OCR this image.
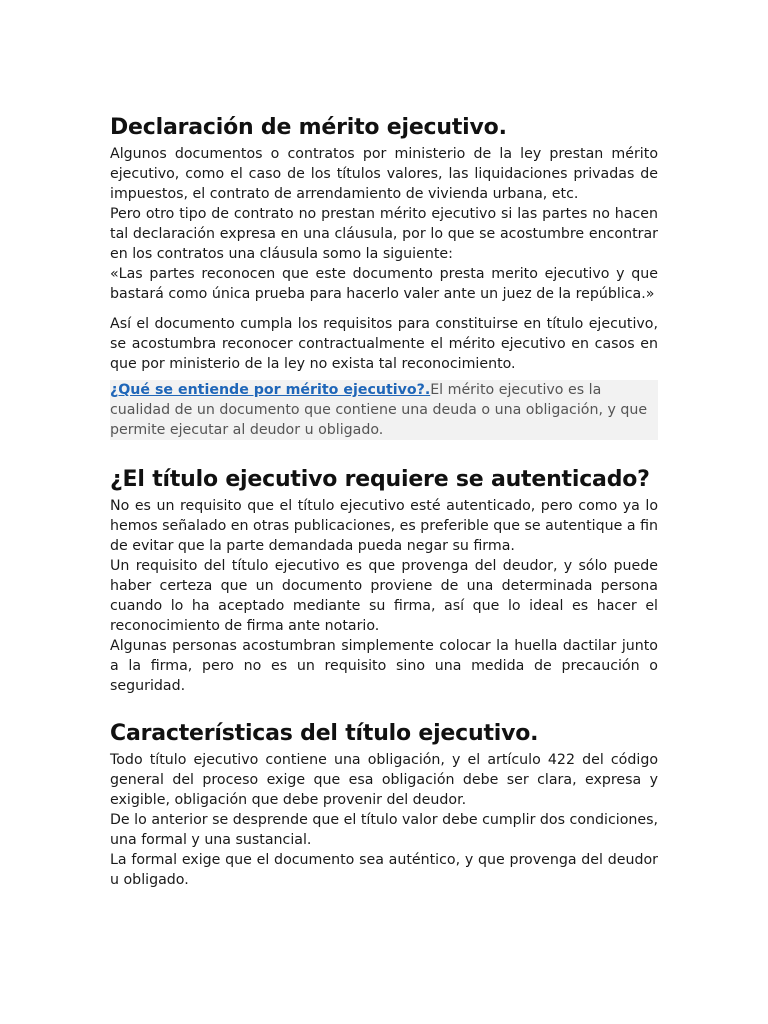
Declaración de mérito ejecutivo.

Algunos documentos o contratos por ministerio de la ley prestan mérito ejecutivo, como el caso de los títulos valores, las liquidaciones privadas de impuestos, el contrato de arrendamiento de vivienda urbana, etc.

Pero otro tipo de contrato no prestan mérito ejecutivo si las partes no hacen tal declaración expresa en una cláusula, por lo que se acostumbre encontrar en los contratos una cláusula somo la siguiente:

«Las partes reconocen que este documento presta merito ejecutivo y que bastará como única prueba para hacerlo valer ante un juez de la república.»

Así el documento cumpla los requisitos para constituirse en título ejecutivo, se acostumbra reconocer contractualmente el mérito ejecutivo en casos en que por ministerio de la ley no exista tal reconocimiento.

¿Qué se entiende por mérito ejecutivo?.El mérito ejecutivo es la cualidad de un documento que contiene una deuda o una obligación, y que permite ejecutar al deudor u obligado.

¿El título ejecutivo requiere se autenticado?

No es un requisito que el título ejecutivo esté autenticado, pero como ya lo hemos señalado en otras publicaciones, es preferible que se autentique a fin de evitar que la parte demandada pueda negar su firma.

Un requisito del título ejecutivo es que provenga del deudor, y sólo puede haber certeza que un documento proviene de una determinada persona cuando lo ha aceptado mediante su firma, así que lo ideal es hacer el reconocimiento de firma ante notario.

Algunas personas acostumbran simplemente colocar la huella dactilar junto a la firma, pero no es un requisito sino una medida de precaución o seguridad.

Características del título ejecutivo.

Todo título ejecutivo contiene una obligación, y el artículo 422 del código general del proceso exige que esa obligación debe ser clara, expresa y exigible, obligación que debe provenir del deudor.

De lo anterior se desprende que el título valor debe cumplir dos condiciones, una formal y una sustancial.

La formal exige que el documento sea auténtico, y que provenga del deudor u obligado.
